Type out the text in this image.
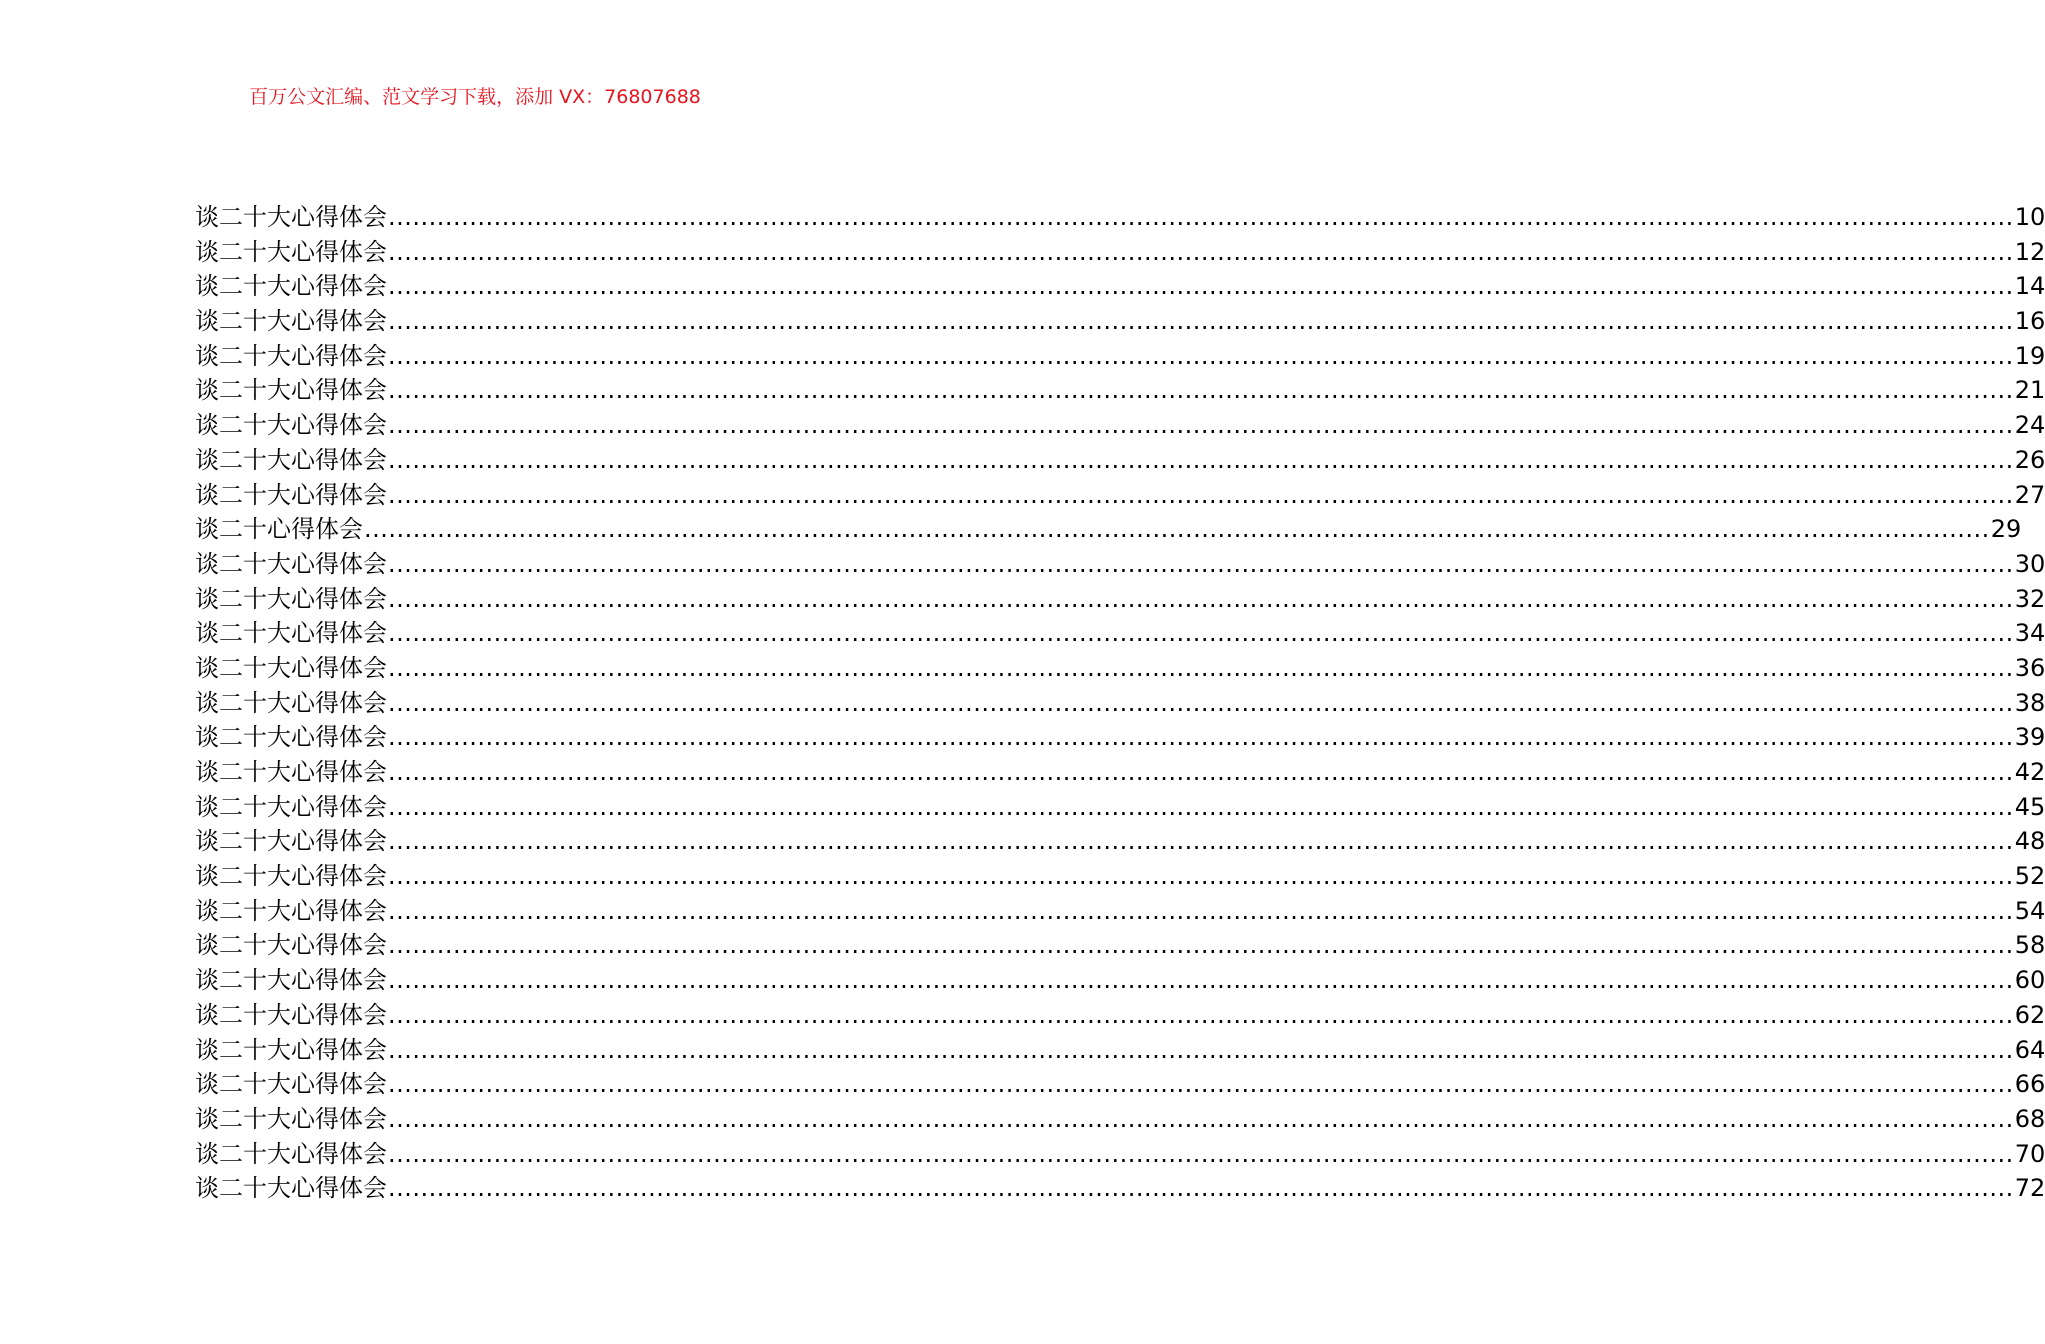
百万公文汇编、范文学习下载，添加 VX：76807688
谈二十大心得体会 ........................................................................................................................................................................................................ 10
谈二十大心得体会 ........................................................................................................................................................................................................ 12
谈二十大心得体会 ........................................................................................................................................................................................................ 14
谈二十大心得体会 ........................................................................................................................................................................................................ 16
谈二十大心得体会 ........................................................................................................................................................................................................ 19
谈二十大心得体会 ........................................................................................................................................................................................................ 21
谈二十大心得体会 ........................................................................................................................................................................................................ 24
谈二十大心得体会 ........................................................................................................................................................................................................ 26
谈二十大心得体会 ........................................................................................................................................................................................................ 27
谈二十心得体会 ........................................................................................................................................................................................................ 29
谈二十大心得体会 ........................................................................................................................................................................................................ 30
谈二十大心得体会 ........................................................................................................................................................................................................ 32
谈二十大心得体会 ........................................................................................................................................................................................................ 34
谈二十大心得体会 ........................................................................................................................................................................................................ 36
谈二十大心得体会 ........................................................................................................................................................................................................ 38
谈二十大心得体会 ........................................................................................................................................................................................................ 39
谈二十大心得体会 ........................................................................................................................................................................................................ 42
谈二十大心得体会 ........................................................................................................................................................................................................ 45
谈二十大心得体会 ........................................................................................................................................................................................................ 48
谈二十大心得体会 ........................................................................................................................................................................................................ 52
谈二十大心得体会 ........................................................................................................................................................................................................ 54
谈二十大心得体会 ........................................................................................................................................................................................................ 58
谈二十大心得体会 ........................................................................................................................................................................................................ 60
谈二十大心得体会 ........................................................................................................................................................................................................ 62
谈二十大心得体会 ........................................................................................................................................................................................................ 64
谈二十大心得体会 ........................................................................................................................................................................................................ 66
谈二十大心得体会 ........................................................................................................................................................................................................ 68
谈二十大心得体会 ........................................................................................................................................................................................................ 70
谈二十大心得体会 ........................................................................................................................................................................................................ 72
